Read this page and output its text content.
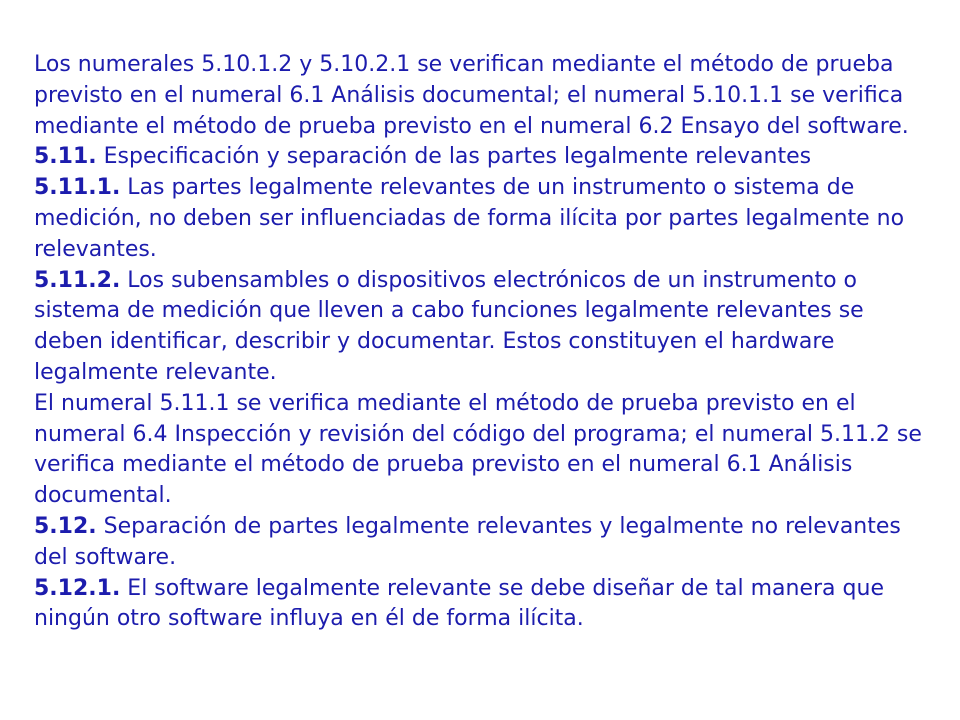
Los numerales 5.10.1.2 y 5.10.2.1 se verifican mediante el método de prueba previsto en el numeral 6.1 Análisis documental; el numeral 5.10.1.1 se verifica mediante el método de prueba previsto en el numeral 6.2 Ensayo del software.

5.11. Especificación y separación de las partes legalmente relevantes

5.11.1. Las partes legalmente relevantes de un instrumento o sistema de medición, no deben ser influenciadas de forma ilícita por partes legalmente no relevantes.

5.11.2. Los subensambles o dispositivos electrónicos de un instrumento o sistema de medición que lleven a cabo funciones legalmente relevantes se deben identificar, describir y documentar. Estos constituyen el hardware legalmente relevante.

El numeral 5.11.1 se verifica mediante el método de prueba previsto en el numeral 6.4 Inspección y revisión del código del programa; el numeral 5.11.2 se verifica mediante el método de prueba previsto en el numeral 6.1 Análisis documental.

5.12. Separación de partes legalmente relevantes y legalmente no relevantes del software.

5.12.1. El software legalmente relevante se debe diseñar de tal manera que ningún otro software influya en él de forma ilícita.
